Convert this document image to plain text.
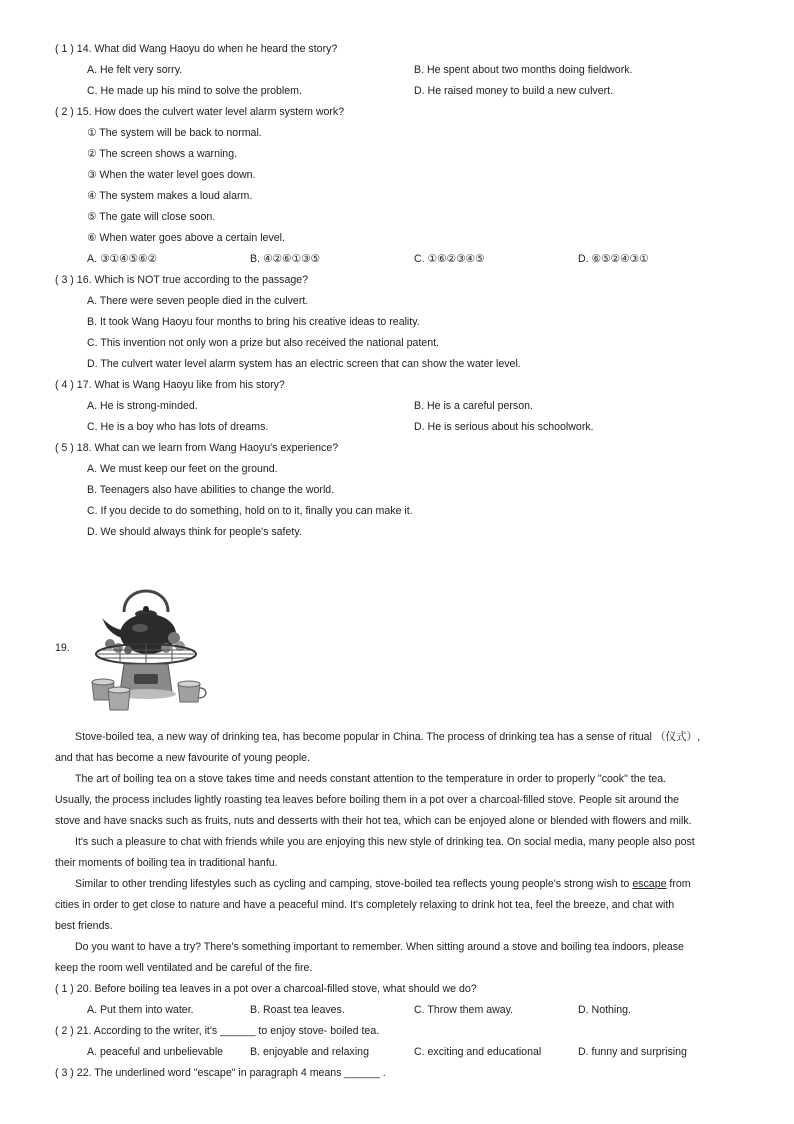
( 1 ) 14. What did Wang Haoyu do when he heard the story?
A. He felt very sorry.	B. He spent about two months doing fieldwork.
C. He made up his mind to solve the problem.	D. He raised money to build a new culvert.
( 2 ) 15. How does the culvert water level alarm system work?
① The system will be back to normal.
② The screen shows a warning.
③ When the water level goes down.
④ The system makes a loud alarm.
⑤ The gate will close soon.
⑥ When water goes above a certain level.
A. ③①④⑤⑥②	B. ④②⑥①③⑤	C. ①⑥②③④⑤	D. ⑥⑤②④③①
( 3 ) 16. Which is NOT true according to the passage?
A. There were seven people died in the culvert.
B. It took Wang Haoyu four months to bring his creative ideas to reality.
C. This invention not only won a prize but also received the national patent.
D. The culvert water level alarm system has an electric screen that can show the water level.
( 4 ) 17. What is Wang Haoyu like from his story?
A. He is strong-minded.	B. He is a careful person.
C. He is a boy who has lots of dreams.	D. He is serious about his schoolwork.
( 5 ) 18. What can we learn from Wang Haoyu's experience?
A. We must keep our feet on the ground.
B. Teenagers also have abilities to change the world.
C. If you decide to do something, hold on to it, finally you can make it.
D. We should always think for people's safety.
19.
Stove-boiled tea, a new way of drinking tea, has become popular in China. The process of drinking tea has a sense of ritual （仪式）,
and that has become a new favourite of young people.
The art of boiling tea on a stove takes time and needs constant attention to the temperature in order to properly "cook" the tea.
Usually, the process includes lightly roasting tea leaves before boiling them in a pot over a charcoal-filled stove. People sit around the
stove and have snacks such as fruits, nuts and desserts with their hot tea, which can be enjoyed alone or blended with flowers and milk.
It's such a pleasure to chat with friends while you are enjoying this new style of drinking tea. On social media, many people also post
their moments of boiling tea in traditional hanfu.
Similar to other trending lifestyles such as cycling and camping, stove-boiled tea reflects young people's strong wish to escape from
cities in order to get close to nature and have a peaceful mind. It's completely relaxing to drink hot tea, feel the breeze, and chat with
best friends.
Do you want to have a try? There's something important to remember. When sitting around a stove and boiling tea indoors, please
keep the room well ventilated and be careful of the fire.
( 1 ) 20. Before boiling tea leaves in a pot over a charcoal-filled stove, what should we do?
A. Put them into water.	B. Roast tea leaves.	C. Throw them away.	D. Nothing.
( 2 ) 21. According to the writer, it's ______ to enjoy stove- boiled tea.
A. peaceful and unbelievable	B. enjoyable and relaxing	C. exciting and educational	D. funny and surprising
( 3 ) 22. The underlined word "escape" in paragraph 4 means ______ .
